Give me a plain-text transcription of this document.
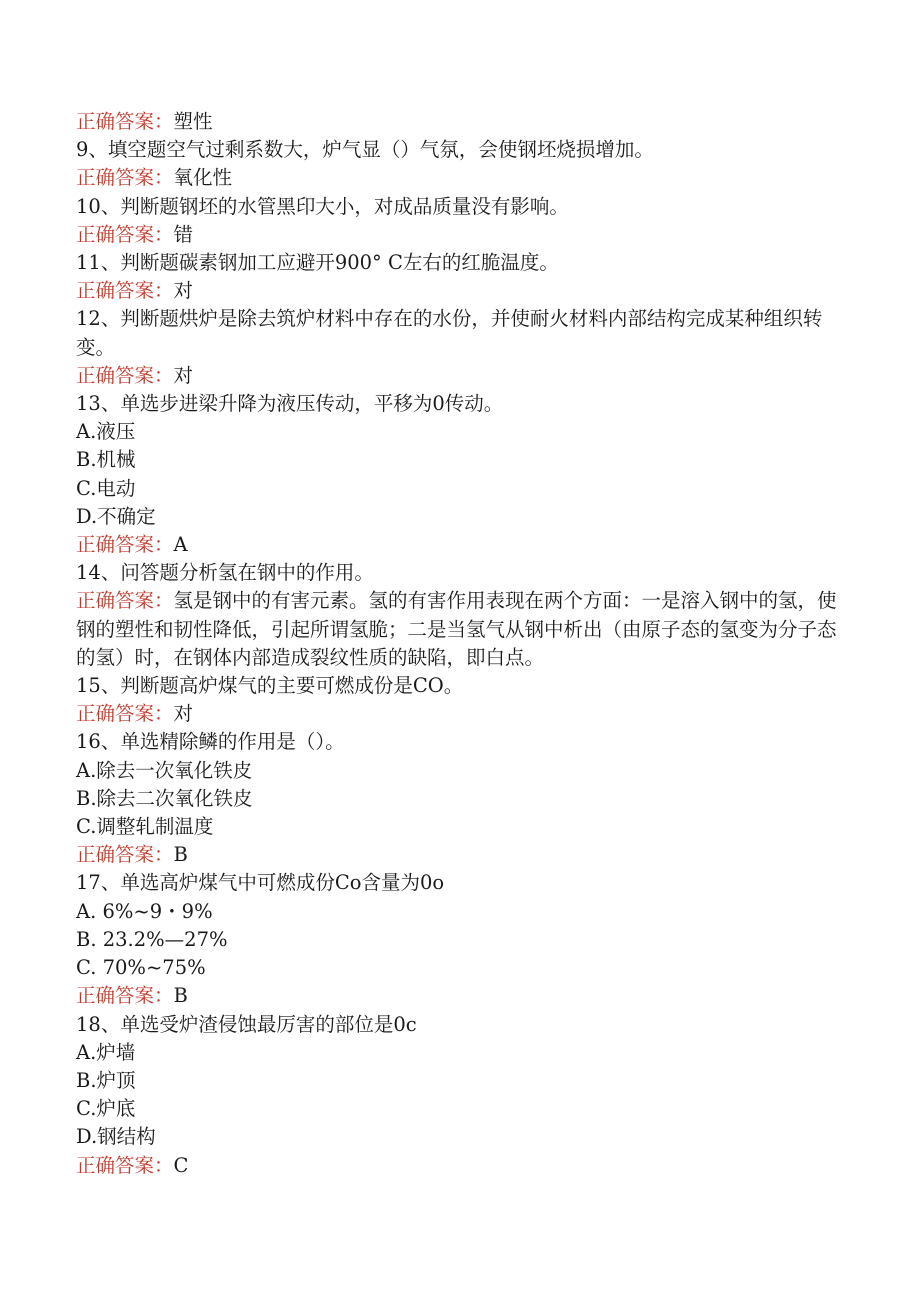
正确答案：塑性
9、填空题空气过剩系数大，炉气显（）气氛，会使钢坯烧损增加。
正确答案：氧化性
10、判断题钢坯的水管黑印大小，对成品质量没有影响。
正确答案：错
11、判断题碳素钢加工应避开900° C左右的红脆温度。
正确答案：对
12、判断题烘炉是除去筑炉材料中存在的水份，并使耐火材料内部结构完成某种组织转变。
正确答案：对
13、单选步进梁升降为液压传动，平移为0传动。
A.液压
B.机械
C.电动
D.不确定
正确答案：A
14、问答题分析氢在钢中的作用。
正确答案：氢是钢中的有害元素。氢的有害作用表现在两个方面：一是溶入钢中的氢，使钢的塑性和韧性降低，引起所谓氢脆；二是当氢气从钢中析出（由原子态的氢变为分子态的氢）时，在钢体内部造成裂纹性质的缺陷，即白点。
15、判断题高炉煤气的主要可燃成份是CO。
正确答案：对
16、单选精除鳞的作用是（）。
A.除去一次氧化铁皮
B.除去二次氧化铁皮
C.调整轧制温度
正确答案：B
17、单选高炉煤气中可燃成份Co含量为0o
A. 6%~9・9%
B. 23.2%—27%
C. 70%~75%
正确答案：B
18、单选受炉渣侵蚀最厉害的部位是0c
A.炉墙
B.炉顶
C.炉底
D.钢结构
正确答案：C
